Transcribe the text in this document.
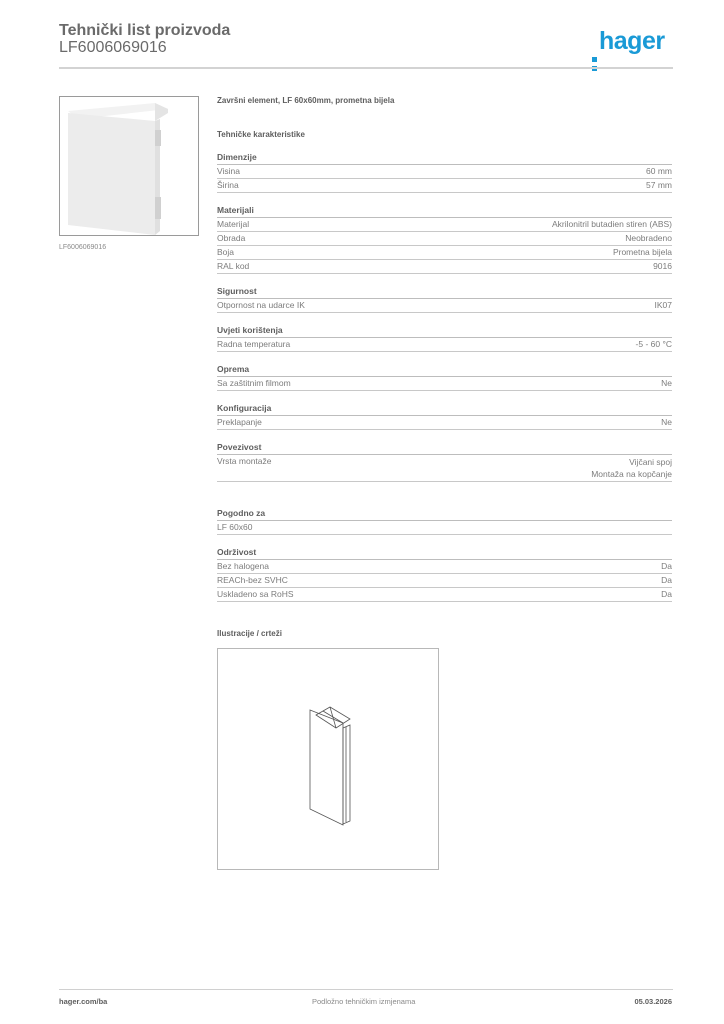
Tehnički list proizvoda
LF6006069016	hager
LF6006069016
Završni element, LF 60x60mm, prometna bijela
Tehničke karakteristike
Dimenzije
Visina	60 mm
Širina	57 mm
Materijali
Materijal	Akrilonitril butadien stiren (ABS)
Obrada	Neobradeno
Boja	Prometna bijela
RAL kod	9016
Sigurnost
Otpornost na udarce IK	IK07
Uvjeti korištenja
Radna temperatura	-5 - 60 °C
Oprema
Sa zaštitnim filmom	Ne
Konfiguracija
Preklapanje	Ne
Povezivost
Vrsta montaže	Vijčani spoj
Montaža na kopčanje
Pogodno za
LF 60x60
Održivost
Bez halogena	Da
REACh-bez SVHC	Da
Uskladeno sa RoHS	Da
Ilustracije / crteži
hager.com/ba	Podložno tehničkim izmjenama	05.03.2026
